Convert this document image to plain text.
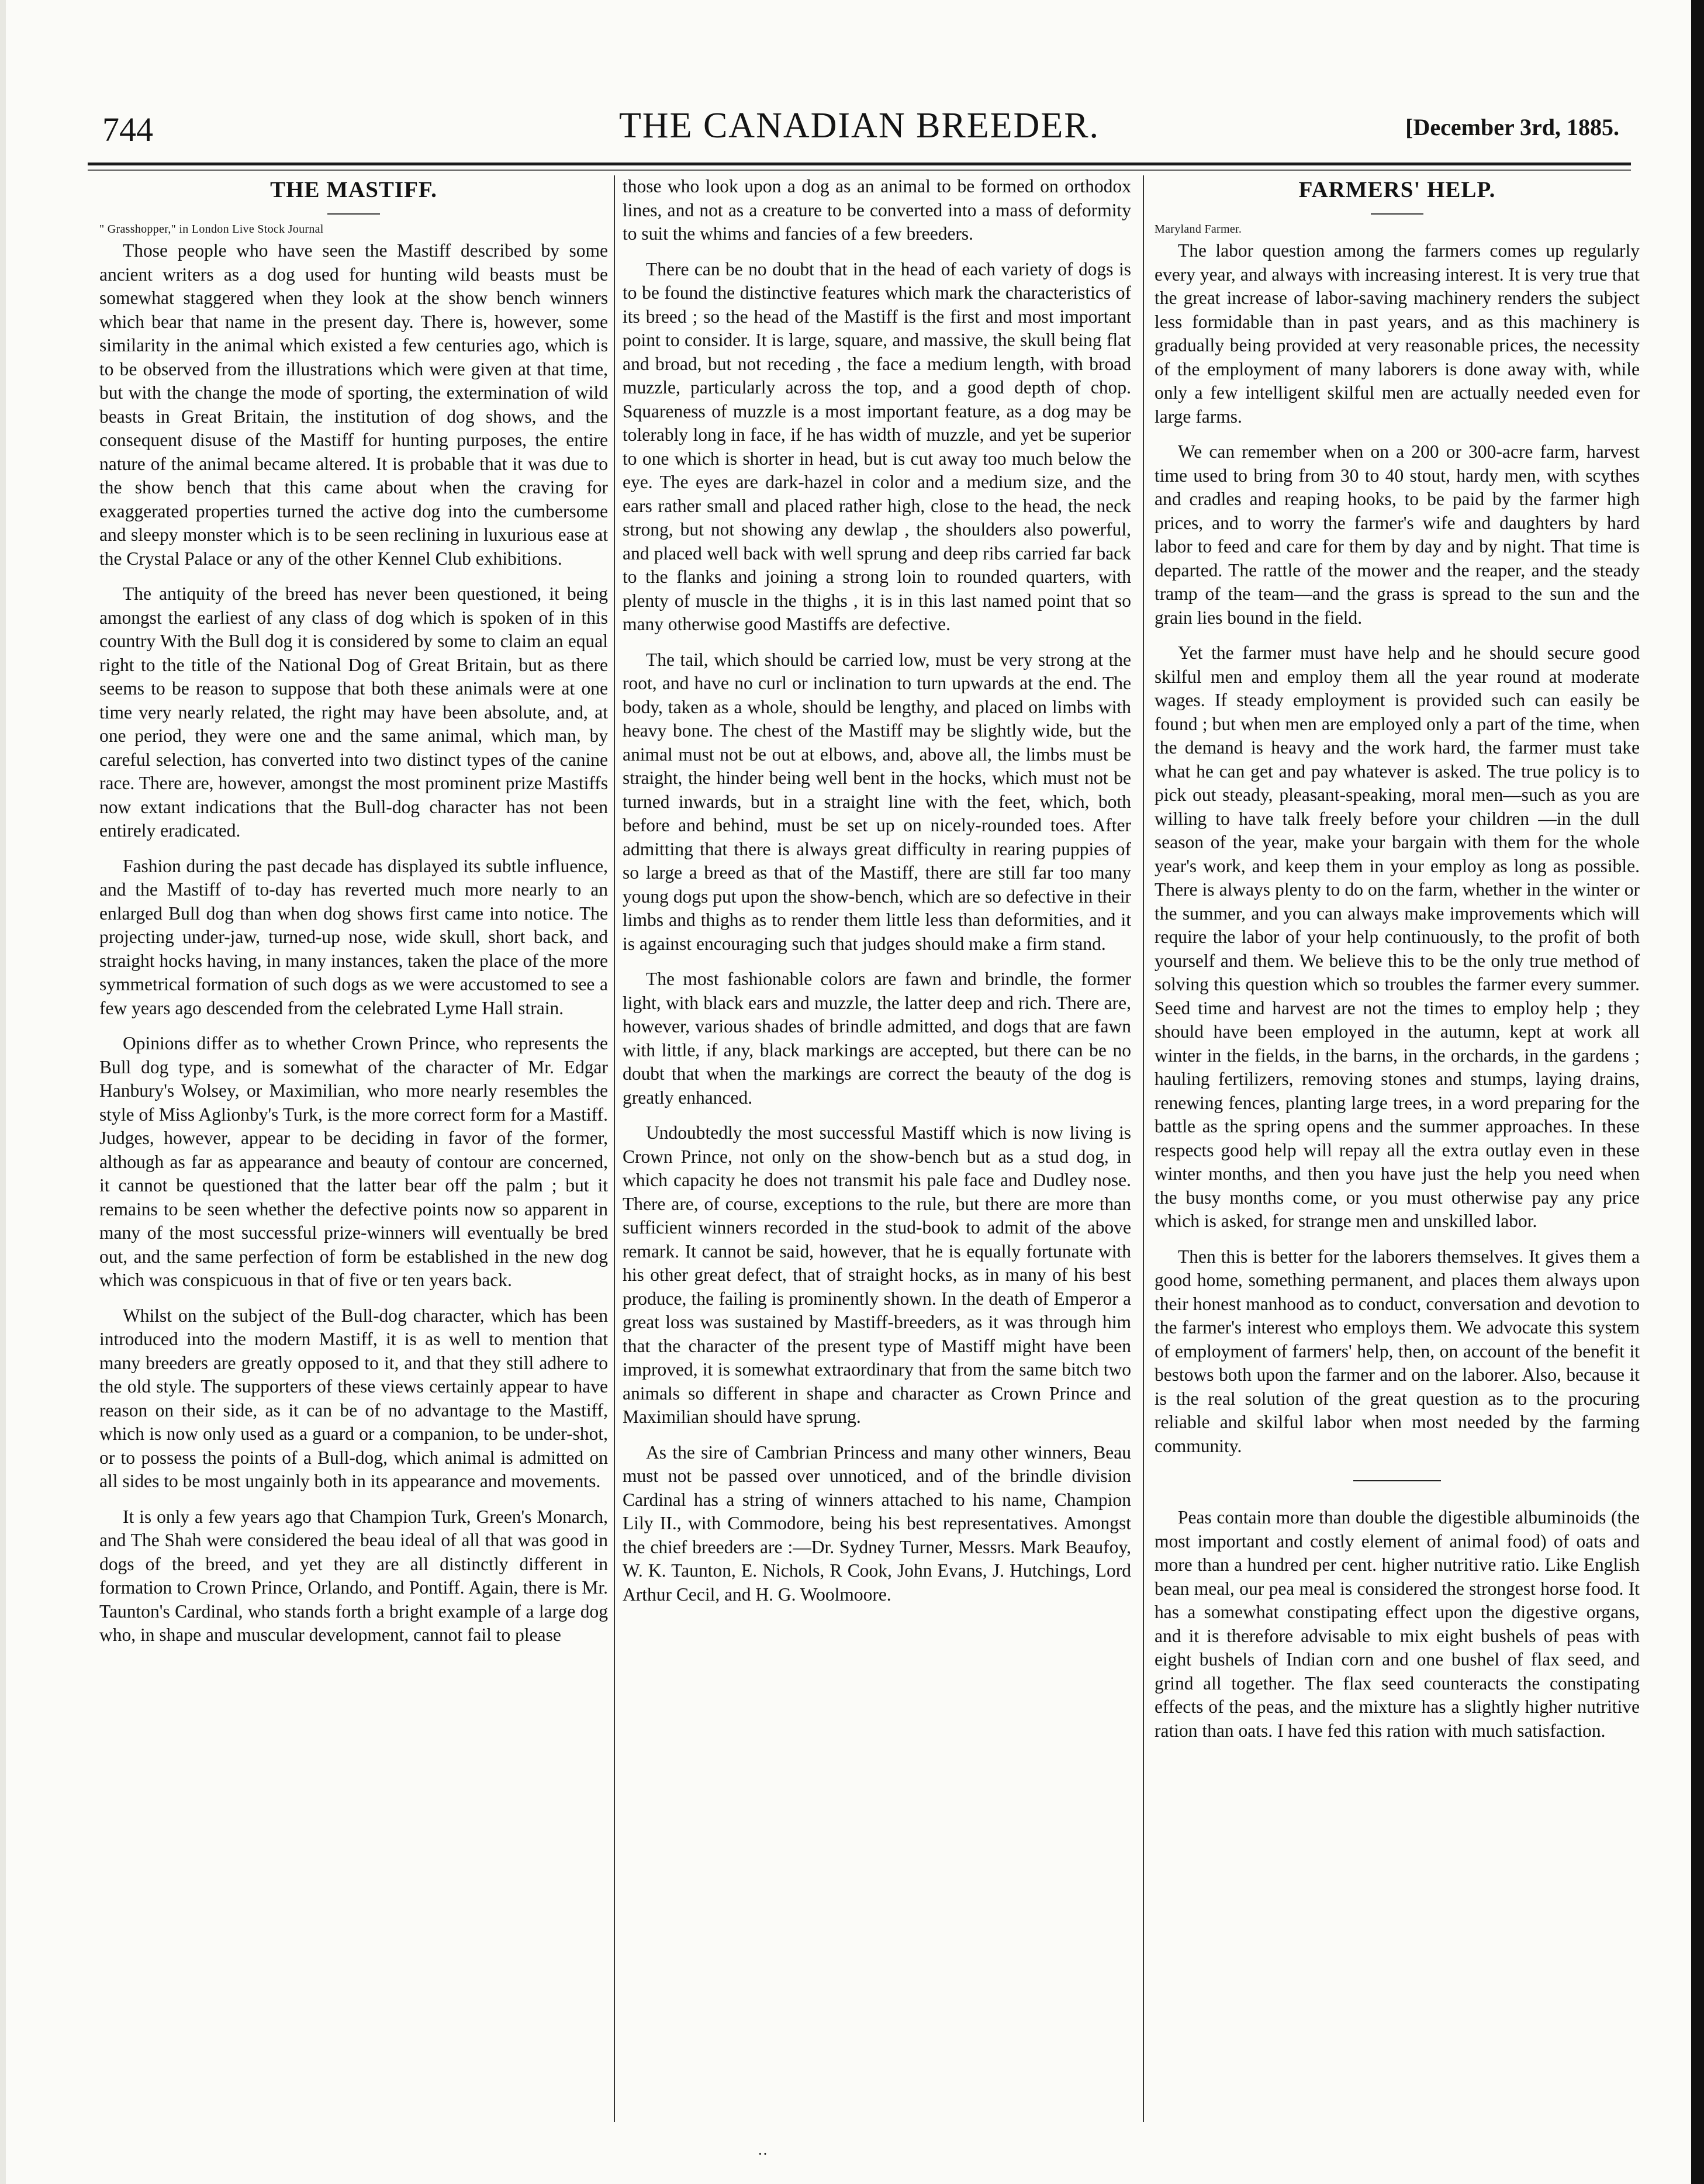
744	THE CANADIAN BREEDER.	[December 3rd, 1885.
THE MASTIFF.
" Grasshopper," in London Live Stock Journal

Those people who have seen the Mastiff described by some ancient writers as a dog used for hunting wild beasts must be somewhat staggered when they look at the show bench winners which bear that name in the present day. There is, however, some similarity in the animal which existed a few centuries ago, which is to be observed from the illustrations which were given at that time, but with the change the mode of sporting, the extermination of wild beasts in Great Britain, the institution of dog shows, and the consequent disuse of the Mastiff for hunting purposes, the entire nature of the animal became altered. It is probable that it was due to the show bench that this came about when the craving for exaggerated properties turned the active dog into the cumbersome and sleepy monster which is to be seen reclining in luxurious ease at the Crystal Palace or any of the other Kennel Club exhibitions.

The antiquity of the breed has never been questioned, it being amongst the earliest of any class of dog which is spoken of in this country With the Bull dog it is considered by some to claim an equal right to the title of the National Dog of Great Britain, but as there seems to be reason to suppose that both these animals were at one time very nearly related, the right may have been absolute, and, at one period, they were one and the same animal, which man, by careful selection, has converted into two distinct types of the canine race. There are, however, amongst the most prominent prize Mastiffs now extant indications that the Bull-dog character has not been entirely eradicated.

Fashion during the past decade has displayed its subtle influence, and the Mastiff of to-day has reverted much more nearly to an enlarged Bull dog than when dog shows first came into notice. The projecting under-jaw, turned-up nose, wide skull, short back, and straight hocks having, in many instances, taken the place of the more symmetrical formation of such dogs as we were accustomed to see a few years ago descended from the celebrated Lyme Hall strain.

Opinions differ as to whether Crown Prince, who represents the Bull dog type, and is somewhat of the character of Mr. Edgar Hanbury's Wolsey, or Maximilian, who more nearly resembles the style of Miss Aglionby's Turk, is the more correct form for a Mastiff. Judges, however, appear to be deciding in favor of the former, although as far as appearance and beauty of contour are concerned, it cannot be questioned that the latter bear off the palm ; but it remains to be seen whether the defective points now so apparent in many of the most successful prize-winners will eventually be bred out, and the same perfection of form be established in the new dog which was conspicuous in that of five or ten years back.

Whilst on the subject of the Bull-dog character, which has been introduced into the modern Mastiff, it is as well to mention that many breeders are greatly opposed to it, and that they still adhere to the old style. The supporters of these views certainly appear to have reason on their side, as it can be of no advantage to the Mastiff, which is now only used as a guard or a companion, to be under-shot, or to possess the points of a Bull-dog, which animal is admitted on all sides to be most ungainly both in its appearance and movements.

It is only a few years ago that Champion Turk, Green's Monarch, and The Shah were considered the beau ideal of all that was good in dogs of the breed, and yet they are all distinctly different in formation to Crown Prince, Orlando, and Pontiff. Again, there is Mr. Taunton's Cardinal, who stands forth a bright example of a large dog who, in shape and muscular development, cannot fail to please

those who look upon a dog as an animal to be formed on orthodox lines, and not as a creature to be converted into a mass of deformity to suit the whims and fancies of a few breeders.

There can be no doubt that in the head of each variety of dogs is to be found the distinctive features which mark the characteristics of its breed ; so the head of the Mastiff is the first and most important point to consider. It is large, square, and massive, the skull being flat and broad, but not receding , the face a medium length, with broad muzzle, particularly across the top, and a good depth of chop. Squareness of muzzle is a most important feature, as a dog may be tolerably long in face, if he has width of muzzle, and yet be superior to one which is shorter in head, but is cut away too much below the eye. The eyes are dark-hazel in color and a medium size, and the ears rather small and placed rather high, close to the head, the neck strong, but not showing any dewlap , the shoulders also powerful, and placed well back with well sprung and deep ribs carried far back to the flanks and joining a strong loin to rounded quarters, with plenty of muscle in the thighs , it is in this last named point that so many otherwise good Mastiffs are defective.

The tail, which should be carried low, must be very strong at the root, and have no curl or inclination to turn upwards at the end. The body, taken as a whole, should be lengthy, and placed on limbs with heavy bone. The chest of the Mastiff may be slightly wide, but the animal must not be out at elbows, and, above all, the limbs must be straight, the hinder being well bent in the hocks, which must not be turned inwards, but in a straight line with the feet, which, both before and behind, must be set up on nicely-rounded toes. After admitting that there is always great difficulty in rearing puppies of so large a breed as that of the Mastiff, there are still far too many young dogs put upon the show-bench, which are so defective in their limbs and thighs as to render them little less than deformities, and it is against encouraging such that judges should make a firm stand.

The most fashionable colors are fawn and brindle, the former light, with black ears and muzzle, the latter deep and rich. There are, however, various shades of brindle admitted, and dogs that are fawn with little, if any, black markings are accepted, but there can be no doubt that when the markings are correct the beauty of the dog is greatly enhanced.

Undoubtedly the most successful Mastiff which is now living is Crown Prince, not only on the show-bench but as a stud dog, in which capacity he does not transmit his pale face and Dudley nose. There are, of course, exceptions to the rule, but there are more than sufficient winners recorded in the stud-book to admit of the above remark. It cannot be said, however, that he is equally fortunate with his other great defect, that of straight hocks, as in many of his best produce, the failing is prominently shown. In the death of Emperor a great loss was sustained by Mastiff-breeders, as it was through him that the character of the present type of Mastiff might have been improved, it is somewhat extraordinary that from the same bitch two animals so different in shape and character as Crown Prince and Maximilian should have sprung.

As the sire of Cambrian Princess and many other winners, Beau must not be passed over unnoticed, and of the brindle division Cardinal has a string of winners attached to his name, Champion Lily II., with Commodore, being his best representatives. Amongst the chief breeders are :—Dr. Sydney Turner, Messrs. Mark Beaufoy, W. K. Taunton, E. Nichols, R Cook, John Evans, J. Hutchings, Lord Arthur Cecil, and H. G. Woolmoore.

FARMERS' HELP.
Maryland Farmer.

The labor question among the farmers comes up regularly every year, and always with increasing interest. It is very true that the great increase of labor-saving machinery renders the subject less formidable than in past years, and as this machinery is gradually being provided at very reasonable prices, the necessity of the employment of many laborers is done away with, while only a few intelligent skilful men are actually needed even for large farms.

We can remember when on a 200 or 300-acre farm, harvest time used to bring from 30 to 40 stout, hardy men, with scythes and cradles and reaping hooks, to be paid by the farmer high prices, and to worry the farmer's wife and daughters by hard labor to feed and care for them by day and by night. That time is departed. The rattle of the mower and the reaper, and the steady tramp of the team—and the grass is spread to the sun and the grain lies bound in the field.

Yet the farmer must have help and he should secure good skilful men and employ them all the year round at moderate wages. If steady employment is provided such can easily be found ; but when men are employed only a part of the time, when the demand is heavy and the work hard, the farmer must take what he can get and pay whatever is asked. The true policy is to pick out steady, pleasant-speaking, moral men—such as you are willing to have talk freely before your children —in the dull season of the year, make your bargain with them for the whole year's work, and keep them in your employ as long as possible. There is always plenty to do on the farm, whether in the winter or the summer, and you can always make improvements which will require the labor of your help continuously, to the profit of both yourself and them. We believe this to be the only true method of solving this question which so troubles the farmer every summer. Seed time and harvest are not the times to employ help ; they should have been employed in the autumn, kept at work all winter in the fields, in the barns, in the orchards, in the gardens ; hauling fertilizers, removing stones and stumps, laying drains, renewing fences, planting large trees, in a word preparing for the battle as the spring opens and the summer approaches. In these respects good help will repay all the extra outlay even in these winter months, and then you have just the help you need when the busy months come, or you must otherwise pay any price which is asked, for strange men and unskilled labor.

Then this is better for the laborers themselves. It gives them a good home, something permanent, and places them always upon their honest manhood as to conduct, conversation and devotion to the farmer's interest who employs them. We advocate this system of employment of farmers' help, then, on account of the benefit it bestows both upon the farmer and on the laborer. Also, because it is the real solution of the great question as to the procuring reliable and skilful labor when most needed by the farming community.

Peas contain more than double the digestible albuminoids (the most important and costly element of animal food) of oats and more than a hundred per cent. higher nutritive ratio. Like English bean meal, our pea meal is considered the strongest horse food. It has a somewhat constipating effect upon the digestive organs, and it is therefore advisable to mix eight bushels of peas with eight bushels of Indian corn and one bushel of flax seed, and grind all together. The flax seed counteracts the constipating effects of the peas, and the mixture has a slightly higher nutritive ration than oats. I have fed this ration with much satisfaction.

··
